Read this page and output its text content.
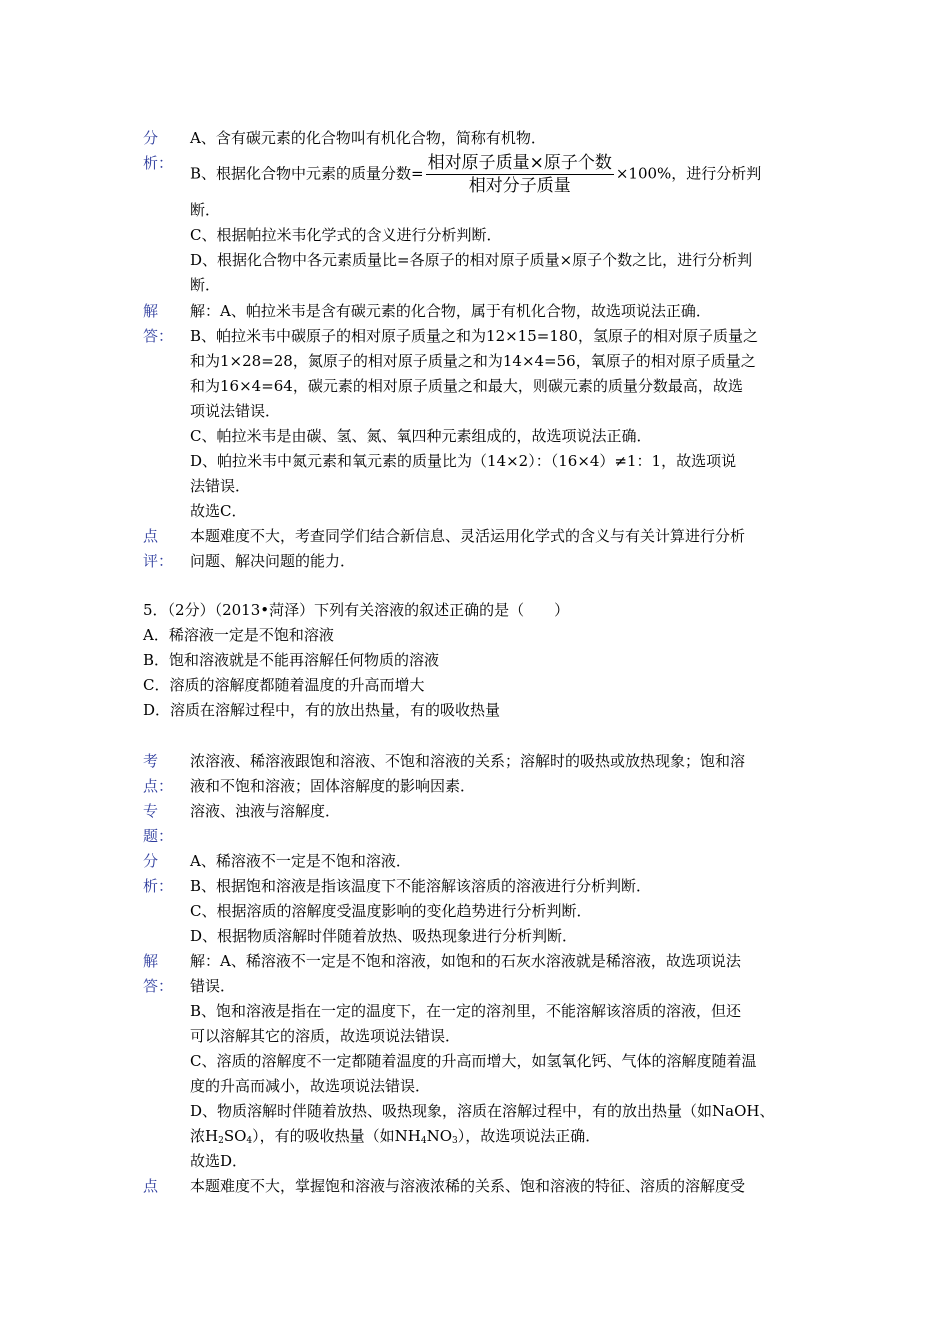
分
析：

A、含有碳元素的化合物叫有机化合物，简称有机物．

B、根据化合物中元素的质量分数= $\frac{\text{相对原子质量×原子个数}}{\text{相对分子质量}} \times 100\%$，进行分析判

断．

C、根据帕拉米韦化学式的含义进行分析判断．

D、根据化合物中各元素质量比=各原子的相对原子质量×原子个数之比，进行分析判

断．

解
答：

解：A、帕拉米韦是含有碳元素的化合物，属于有机化合物，故选项说法正确．

B、帕拉米韦中碳原子的相对原子质量之和为12×15=180，氢原子的相对原子质量之

和为1×28=28，氮原子的相对原子质量之和为14×4=56，氧原子的相对原子质量之

和为16×4=64，碳元素的相对原子质量之和最大，则碳元素的质量分数最高，故选

项说法错误．

C、帕拉米韦是由碳、氢、氮、氧四种元素组成的，故选项说法正确．

D、帕拉米韦中氮元素和氧元素的质量比为（14×2）：（16×4）≠1：1，故选项说

法错误．

故选C．

点
评：

本题难度不大，考查同学们结合新信息、灵活运用化学式的含义与有关计算进行分析

问题、解决问题的能力．

5．（2分）（2013•菏泽）下列有关溶液的叙述正确的是（　　）
A．稀溶液一定是不饱和溶液
B．饱和溶液就是不能再溶解任何物质的溶液
C．溶质的溶解度都随着温度的升高而增大
D．溶质在溶解过程中，有的放出热量，有的吸收热量
考
点：

浓溶液、稀溶液跟饱和溶液、不饱和溶液的关系；溶解时的吸热或放热现象；饱和溶

液和不饱和溶液；固体溶解度的影响因素．

专
题：

溶液、浊液与溶解度．

分
析：

A、稀溶液不一定是不饱和溶液．

B、根据饱和溶液是指该温度下不能溶解该溶质的溶液进行分析判断．

C、根据溶质的溶解度受温度影响的变化趋势进行分析判断．

D、根据物质溶解时伴随着放热、吸热现象进行分析判断．

解
答：

解：A、稀溶液不一定是不饱和溶液，如饱和的石灰水溶液就是稀溶液，故选项说法

错误．

B、饱和溶液是指在一定的温度下，在一定的溶剂里，不能溶解该溶质的溶液，但还

可以溶解其它的溶质，故选项说法错误．

C、溶质的溶解度不一定都随着温度的升高而增大，如氢氧化钙、气体的溶解度随着温

度的升高而减小，故选项说法错误．

D、物质溶解时伴随着放热、吸热现象，溶质在溶解过程中，有的放出热量（如NaOH、

浓$H_2SO_4$），有的吸收热量（如$NH_4NO_3$），故选项说法正确．

故选D．

点	本题难度不大，掌握饱和溶液与溶液浓稀的关系、饱和溶液的特征、溶质的溶解度受
